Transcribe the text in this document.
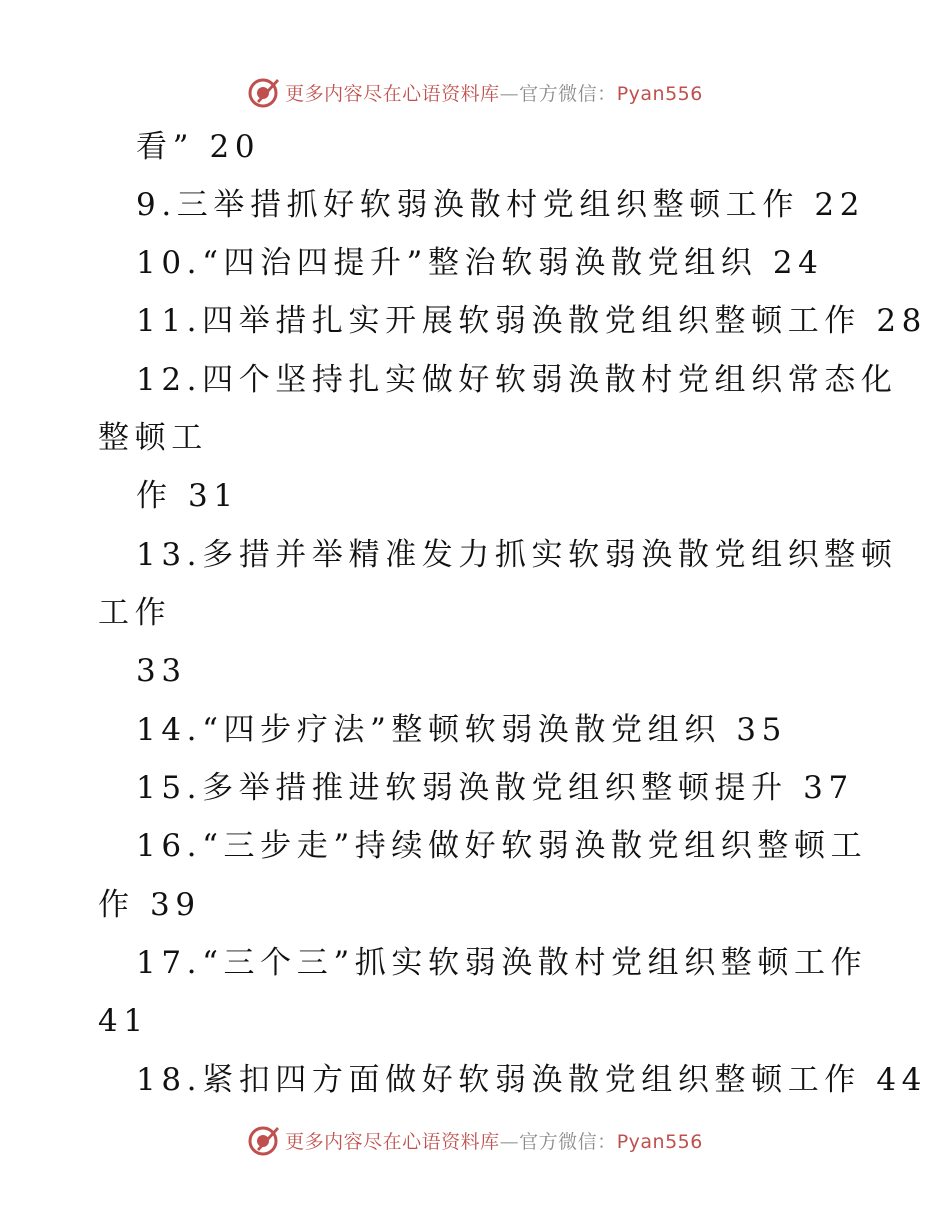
更多内容尽在心语资料库—官方微信：Pyan556
看” 20
9.三举措抓好软弱涣散村党组织整顿工作 22
10.“四治四提升”整治软弱涣散党组织 24
11.四举措扎实开展软弱涣散党组织整顿工作 28
12.四个坚持扎实做好软弱涣散村党组织常态化
整顿工
作 31
13.多措并举精准发力抓实软弱涣散党组织整顿
工作
33
14.“四步疗法”整顿软弱涣散党组织 35
15.多举措推进软弱涣散党组织整顿提升 37
16.“三步走”持续做好软弱涣散党组织整顿工
作 39
17.“三个三”抓实软弱涣散村党组织整顿工作
41
18.紧扣四方面做好软弱涣散党组织整顿工作 44
更多内容尽在心语资料库—官方微信：Pyan556
